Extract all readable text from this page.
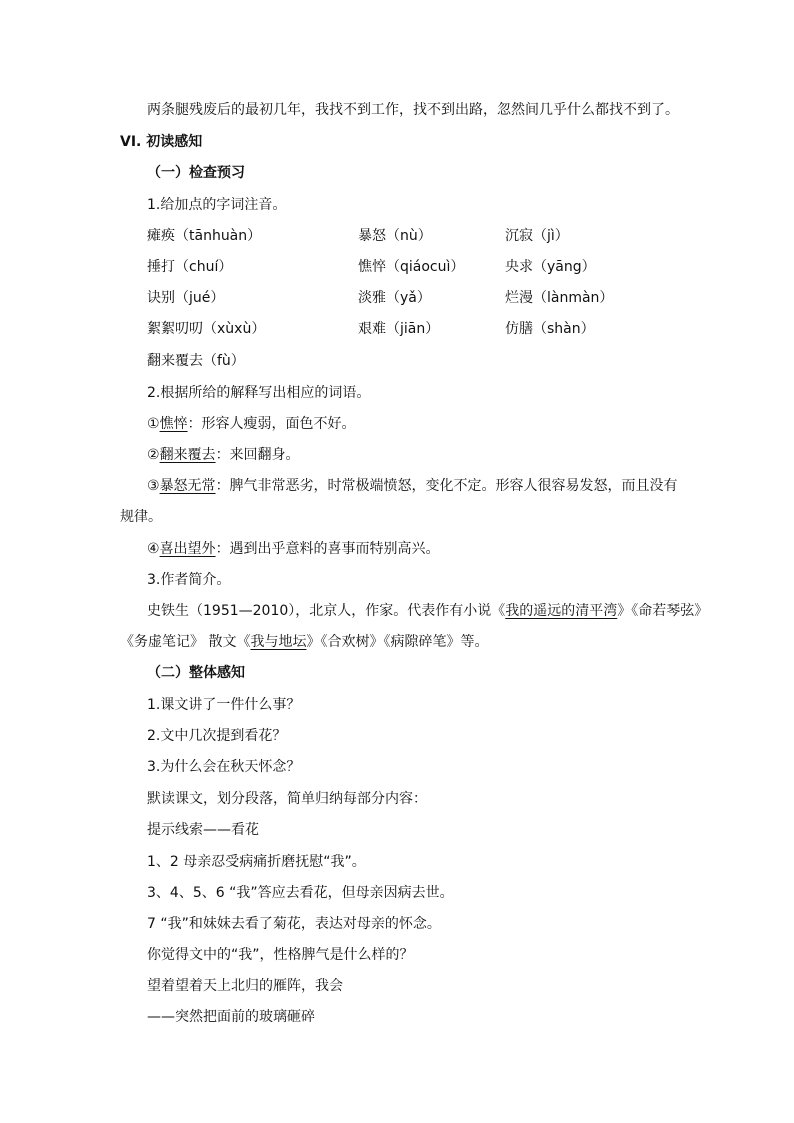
两条腿残废后的最初几年，我找不到工作，找不到出路，忽然间几乎什么都找不到了。
VI. 初读感知
（一）检查预习
1.给加点的字词注音。
瘫痪（tānhuàn）	暴怒（nù）	沉寂（jì）
捶打（chuí）	憔悴（qiáocuì）	央求（yāng）
诀别（jué）	淡雅（yǎ）	烂漫（lànmàn）
絮絮叨叨（xùxù）	艰难（jiān）	仿膳（shàn）
翻来覆去（fù）
2.根据所给的解释写出相应的词语。
①憔悴：形容人瘦弱，面色不好。
②翻来覆去：来回翻身。
③暴怒无常：脾气非常恶劣，时常极端愤怒，变化不定。形容人很容易发怒，而且没有
规律。
④喜出望外：遇到出乎意料的喜事而特别高兴。
3.作者简介。
史铁生（1951—2010），北京人，作家。代表作有小说《我的遥远的清平湾》《命若琴弦》
《务虚笔记》 散文《我与地坛》《合欢树》《病隙碎笔》等。
（二）整体感知
1.课文讲了一件什么事？
2.文中几次提到看花？
3.为什么会在秋天怀念？
默读课文，划分段落，简单归纳每部分内容：
提示线索——看花
1、2 母亲忍受病痛折磨抚慰“我”。
3、4、5、6 “我”答应去看花，但母亲因病去世。
7 “我”和妹妹去看了菊花，表达对母亲的怀念。
你觉得文中的“我”，性格脾气是什么样的？
望着望着天上北归的雁阵，我会
——突然把面前的玻璃砸碎
